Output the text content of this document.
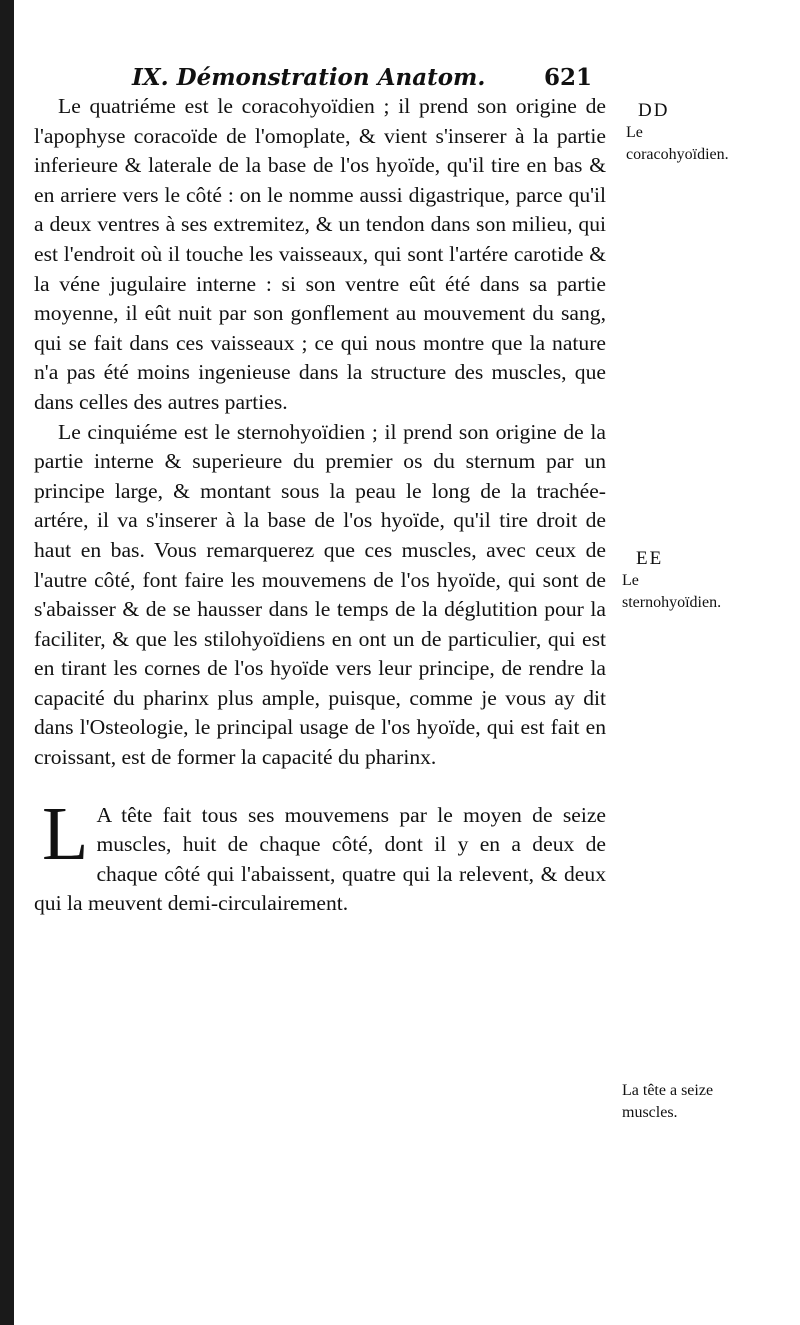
IX. Démonstration Anatom.	621

Le quatriéme est le coracohyoïdien ; il prend son origine de l'apophyse coracoïde de l'omoplate, & vient s'inserer à la partie inferieure & laterale de la base de l'os hyoïde, qu'il tire en bas & en arriere vers le côté : on le nomme aussi digastrique, parce qu'il a deux ventres à ses extremitez, & un tendon dans son milieu, qui est l'endroit où il touche les vaisseaux, qui sont l'artére carotide & la véne jugulaire interne : si son ventre eût été dans sa partie moyenne, il eût nuit par son gonflement au mouvement du sang, qui se fait dans ces vaisseaux ; ce qui nous montre que la nature n'a pas été moins ingenieuse dans la structure des muscles, que dans celles des autres parties.

Le cinquiéme est le sternohyoïdien ; il prend son origine de la partie interne & superieure du premier os du sternum par un principe large, & montant sous la peau le long de la trachée-artére, il va s'inserer à la base de l'os hyoïde, qu'il tire droit de haut en bas. Vous remarquerez que ces muscles, avec ceux de l'autre côté, font faire les mouvemens de l'os hyoïde, qui sont de s'abaisser & de se hausser dans le temps de la déglutition pour la faciliter, & que les stilohyoïdiens en ont un de particulier, qui est en tirant les cornes de l'os hyoïde vers leur principe, de rendre la capacité du pharinx plus ample, puisque, comme je vous ay dit dans l'Osteologie, le principal usage de l'os hyoïde, qui est fait en croissant, est de former la capacité du pharinx.

L A tête fait tous ses mouvemens par le moyen de seize muscles, huit de chaque côté, dont il y en a deux de chaque côté qui l'abaissent, quatre qui la relevent, & deux qui la meuvent demi-circulairement.

DD
Le coracohyoïdien.
EE
Le sternohyoïdien.
La tête a seize muscles.
